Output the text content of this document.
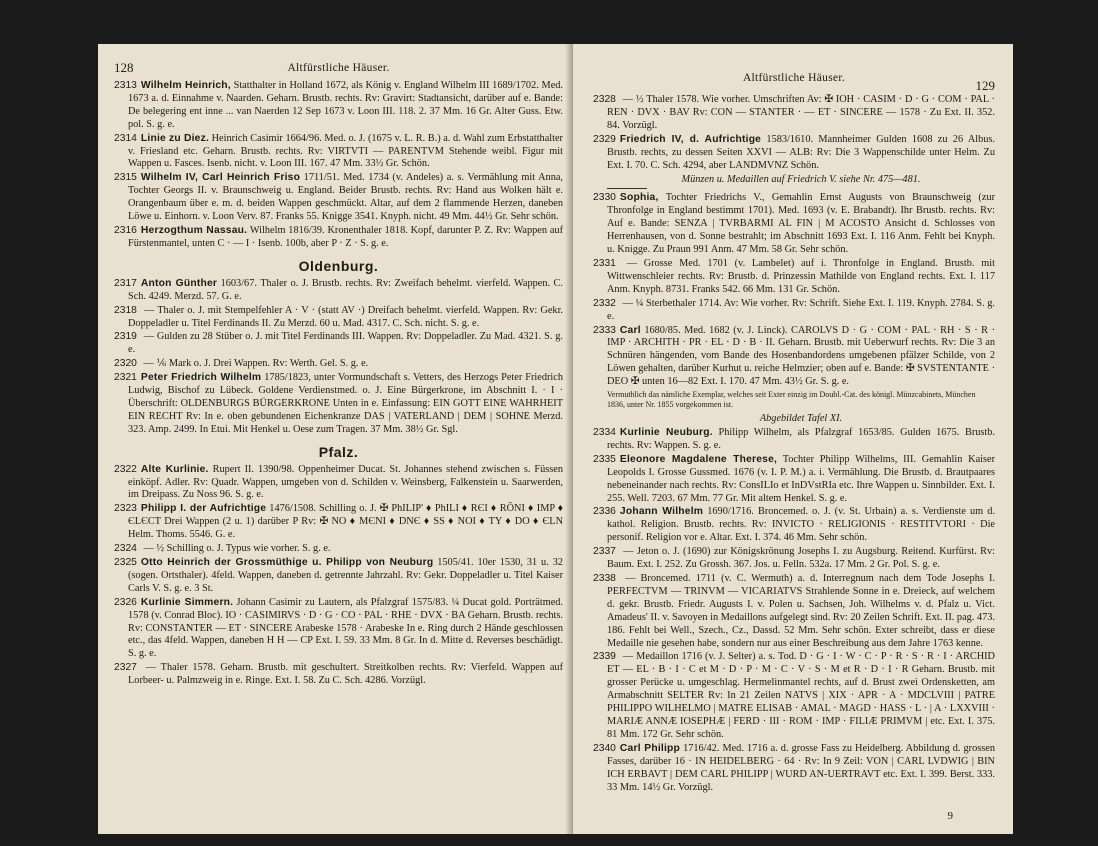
128	Altfürstliche Häuser.
2313 Wilhelm Heinrich, Statthalter in Holland 1672, als König v. England Wilhelm III 1689/1702. Med. 1673 a. d. Einnahme v. Naarden. Geharn. Brustb. rechts. Rv: Gravirt: Stadtansicht, darüber auf e. Bande: De belegering ent inne ... van Naerden 12 Sep 1673 v. Loon III. 118. 2. 37 Mm. 16 Gr. Alter Guss. Etw. pol. S. g. e.
2314 Linie zu Diez. Heinrich Casimir 1664/96. Med. o. J. (1675 v. L. R. B.) a. d. Wahl zum Erbstatthalter v. Friesland etc. Geharn. Brustb. rechts. Rv: VIRTVTI — PARENTVM Stehende weibl. Figur mit Wappen u. Fasces. Isenb. nicht. v. Loon III. 167. 47 Mm. 33½ Gr. Schön.
2315 Wilhelm IV, Carl Heinrich Friso 1711/51. Med. 1734 (v. Andeles) a. s. Vermählung mit Anna, Tochter Georgs II. v. Braunschweig u. England. Beider Brustb. rechts. Rv: Hand aus Wolken hält e. Orangenbaum über e. m. d. beiden Wappen geschmückt. Altar, auf dem 2 flammende Herzen, daneben Löwe u. Einhorn. v. Loon Verv. 87. Franks 55. Knigge 3541. Knyph. nicht. 49 Mm. 44½ Gr. Sehr schön.
2316 Herzogthum Nassau. Wilhelm 1816/39. Kronenthaler 1818. Kopf, darunter P. Z. Rv: Wappen auf Fürstenmantel, unten C · — I · Isenb. 100b, aber P · Z · S. g. e.
Oldenburg.
2317 Anton Günther 1603/67. Thaler o. J. Brustb. rechts. Rv: Zweifach behelmt. vierfeld. Wappen. C. Sch. 4249. Merzd. 57. G. e.
2318 — Thaler o. J. mit Stempelfehler A · V · (statt AV ·) Dreifach behelmt. vierfeld. Wappen. Rv: Gekr. Doppeladler u. Titel Ferdinands II. Zu Merzd. 60 u. Mad. 4317. C. Sch. nicht. S. g. e.
2319 — Gulden zu 28 Stüber o. J. mit Titel Ferdinands III. Wappen. Rv: Doppeladler. Zu Mad. 4321. S. g. e.
2320 — ⅙ Mark o. J. Drei Wappen. Rv: Werth. Gel. S. g. e.
2321 Peter Friedrich Wilhelm 1785/1823, unter Vormundschaft s. Vetters, des Herzogs Peter Friedrich Ludwig, Bischof zu Lübeck. Goldene Verdienstmed. o. J. Eine Bürgerkrone, im Abschnitt I. · I · Überschrift: OLDENBURGS BÜRGERKRONE Unten in e. Einfassung: EIN GOTT EINE WAHRHEIT EIN RECHT Rv: In e. oben gebundenen Eichenkranze DAS | VATERLAND | DEM | SOHNE Merzd. 323. Amp. 2499. In Etui. Mit Henkel u. Oese zum Tragen. 37 Mm. 38½ Gr. Sgl.
Pfalz.
2322 Alte Kurlinie. Rupert II. 1390/98. Oppenheimer Ducat. St. Johannes stehend zwischen s. Füssen einköpf. Adler. Rv: Quadr. Wappen, umgeben von d. Schilden v. Weinsberg, Falkenstein u. Saarwerden, im Dreipass. Zu Noss 96. S. g. e.
2323 Philipp I. der Aufrichtige 1476/1508. Schilling o. J. ✠ PhILIP' ♦ PhILI ♦ RЄI ♦ RŌNI ♦ IMP ♦ ЄLЄCT Drei Wappen (2 u. 1) darüber P Rv: ✠ NO ♦ MЄNI ♦ DNЄ ♦ SS ♦ NOI ♦ TY ♦ DO ♦ ЄLN Helm. Thoms. 5546. G. e.
2324 — ½ Schilling o. J. Typus wie vorher. S. g. e.
2325 Otto Heinrich der Grossmüthige u. Philipp von Neuburg 1505/41. 10er 1530, 31 u. 32 (sogen. Ortsthaler). 4feld. Wappen, daneben d. getrennte Jahrzahl. Rv: Gekr. Doppeladler u. Titel Kaiser Carls V. S. g. e. 3 St.
2326 Kurlinie Simmern. Johann Casimir zu Lautern, als Pfalzgraf 1575/83. ¼ Ducat gold. Porträtmed. 1578 (v. Conrad Bloc). IO · CASIMIRVS · D · G · CO · PAL · RHE · DVX · BA Geharn. Brustb. rechts. Rv: CONSTANTER — ET · SINCERE Arabeske 1578 · Arabeske In e. Ring durch 2 Hände geschlossen etc., das 4feld. Wappen, daneben H H — CP Ext. I. 59. 33 Mm. 8 Gr. In d. Mitte d. Reverses beschädigt. S. g. e.
2327 — Thaler 1578. Geharn. Brustb. mit geschultert. Streitkolben rechts. Rv: Vierfeld. Wappen auf Lorbeer- u. Palmzweig in e. Ringe. Ext. I. 58. Zu C. Sch. 4286. Vorzügl.
Altfürstliche Häuser.	129
2328 — ½ Thaler 1578. Wie vorher. Umschriften Av: ✠ IOH · CASIM · D · G · COM · PAL · REN · DVX · BAV Rv: CON — STANTER · — ET · SINCERE — 1578 · Zu Ext. II. 352. 84. Vorzügl.
2329 Friedrich IV, d. Aufrichtige 1583/1610. Mannheimer Gulden 1608 zu 26 Albus. Brustb. rechts, zu dessen Seiten XXVI — ALB: Rv: Die 3 Wappenschilde unter Helm. Zu Ext. I. 70. C. Sch. 4294, aber LANDMVNZ Schön.
Münzen u. Medaillen auf Friedrich V. siehe Nr. 475—481.
2330 Sophia, Tochter Friedrichs V., Gemahlin Ernst Augusts von Braunschweig (zur Thronfolge in England bestimmt 1701). Med. 1693 (v. E. Brabandt). Ihr Brustb. rechts. Rv: Auf e. Bande: SENZA | TVRBARMI AL FIN | M ACOSTO Ansicht d. Schlosses von Herrenhausen, von d. Sonne bestrahlt; im Abschnitt 1693 Ext. I. 116 Anm. Fehlt bei Knyph. u. Knigge. Zu Praun 991 Anm. 47 Mm. 58 Gr. Sehr schön.
2331 — Grosse Med. 1701 (v. Lambelet) auf i. Thronfolge in England. Brustb. mit Wittwenschleier rechts. Rv: Brustb. d. Prinzessin Mathilde von England rechts. Ext. I. 117 Anm. Knyph. 8731. Franks 542. 66 Mm. 131 Gr. Schön.
2332 — ¼ Sterbethaler 1714. Av: Wie vorher. Rv: Schrift. Siehe Ext. I. 119. Knyph. 2784. S. g. e.
2333 Carl 1680/85. Med. 1682 (v. J. Linck). CAROLVS D · G · COM · PAL · RH · S · R · IMP · ARCHITH · PR · EL · D · B · II. Geharn. Brustb. mit Ueberwurf rechts. Rv: Die 3 an Schnüren hängenden, vom Bande des Hosenbandordens umgebenen pfälzer Schilde, von 2 Löwen gehalten, darüber Kurhut u. reiche Helmzier; oben auf e. Bande: ✠ SVSTENTANTE · DEO ✠ unten 16—82 Ext. I. 170. 47 Mm. 43½ Gr. S. g. e.
Vermuthlich das nämliche Exemplar, welches seit Exter einzig im Doubl.-Cat. des königl. Münzcabinets, München 1836, unter Nr. 1855 vorgekommen ist.
Abgebildet Tafel XI.
2334 Kurlinie Neuburg. Philipp Wilhelm, als Pfalzgraf 1653/85. Gulden 1675. Brustb. rechts. Rv: Wappen. S. g. e.
2335 Eleonore Magdalene Therese, Tochter Philipp Wilhelms, III. Gemahlin Kaiser Leopolds I. Grosse Gussmed. 1676 (v. I. P. M.) a. i. Vermählung. Die Brustb. d. Brautpaares nebeneinander nach rechts. Rv: ConsILIo et InDVstRIa etc. Ihre Wappen u. Sinnbilder. Ext. I. 255. Well. 7203. 67 Mm. 77 Gr. Mit altem Henkel. S. g. e.
2336 Johann Wilhelm 1690/1716. Broncemed. o. J. (v. St. Urbain) a. s. Verdienste um d. kathol. Religion. Brustb. rechts. Rv: INVICTO · RELIGIONIS · RESTITVTORI · Die personif. Religion vor e. Altar. Ext. I. 374. 46 Mm. Sehr schön.
2337 — Jeton o. J. (1690) zur Königskrönung Josephs I. zu Augsburg. Reitend. Kurfürst. Rv: Baum. Ext. I. 252. Zu Grossh. 367. Jos. u. Felln. 532a. 17 Mm. 2 Gr. Pol. S. g. e.
2338 — Broncemed. 1711 (v. C. Wermuth) a. d. Interregnum nach dem Tode Josephs I. PERFECTVM — TRINVM — VICARIATVS Strahlende Sonne in e. Dreieck, auf welchem d. gekr. Brustb. Friedr. Augusts I. v. Polen u. Sachsen, Joh. Wilhelms v. d. Pfalz u. Vict. Amadeus' II. v. Savoyen in Medaillons aufgelegt sind. Rv: 20 Zeilen Schrift. Ext. II. pag. 473. 186. Fehlt bei Well., Szech., Cz., Dassd. 52 Mm. Sehr schön. Exter schreibt, dass er diese Medaille nie gesehen habe, sondern nur aus einer Beschreibung aus dem Jahre 1763 kenne.
2339 — Medaillon 1716 (v. J. Selter) a. s. Tod. D · G · I · W · C · P · R · S · R · I · ARCHID ET — EL · B · I · C et M · D · P · M · C · V · S · M et R · D · I · R Geharn. Brustb. mit grosser Perücke u. umgeschlag. Hermelinmantel rechts, auf d. Brust zwei Ordensketten, am Armabschnitt SELTER Rv: In 21 Zeilen NATVS | XIX · APR · A · MDCLVIII | PATRE PHILIPPO WILHELMO | MATRE ELISAB · AMAL · MAGD · HASS · L · | A · LXXVIII · MARIÆ ANNÆ IOSEPHÆ | FERD · III · ROM · IMP · FILIÆ PRIMVM | etc. Ext. I. 375. 81 Mm. 172 Gr. Sehr schön.
2340 Carl Philipp 1716/42. Med. 1716 a. d. grosse Fass zu Heidelberg. Abbildung d. grossen Fasses, darüber 16 · IN HEIDELBERG · 64 · Rv: In 9 Zeil: VON | CARL LVDWIG | BIN ICH ERBAVT | DEM CARL PHILIPP | WURD AN-UERTRAVT etc. Ext. I. 399. Berst. 333. 33 Mm. 14½ Gr. Vorzügl.
9
